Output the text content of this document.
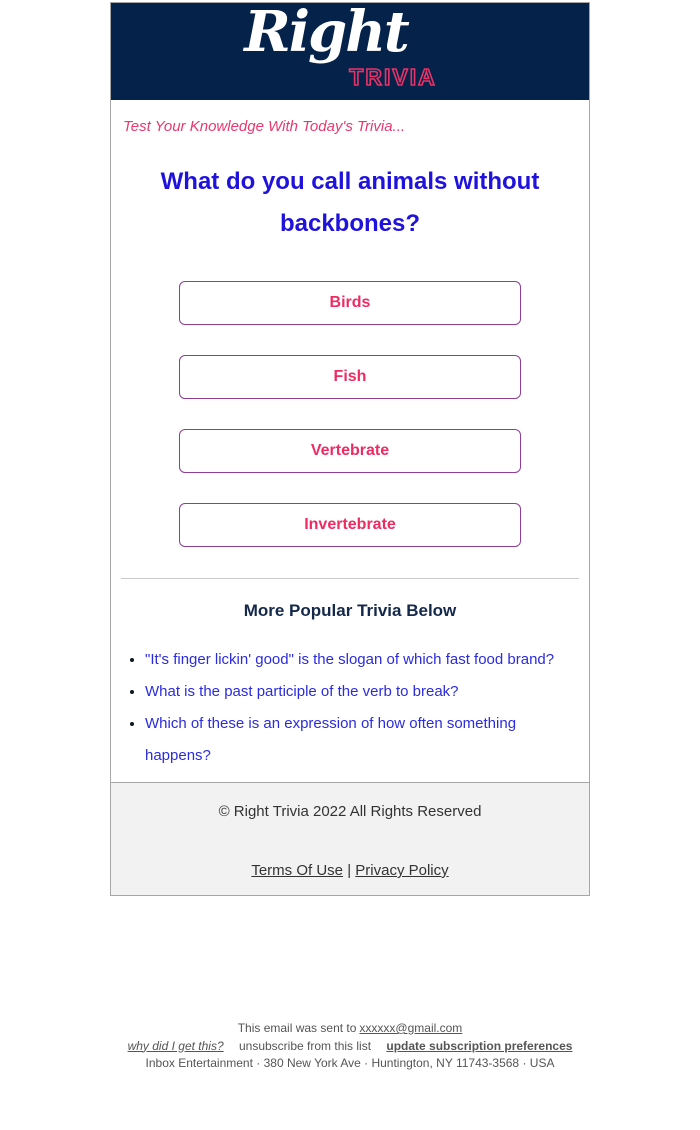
Right
TRIVIA
Test Your Knowledge With Today's Trivia...
What do you call animals without backbones?
Birds
Fish
Vertebrate
Invertebrate
More Popular Trivia Below
• "It's finger lickin' good" is the slogan of which fast food brand?
• What is the past participle of the verb to break?
• Which of these is an expression of how often something happens?
© Right Trivia 2022 All Rights Reserved
Terms Of Use | Privacy Policy
This email was sent to xxxxxx@gmail.com
why did I get this? unsubscribe from this list update subscription preferences
Inbox Entertainment · 380 New York Ave · Huntington, NY 11743-3568 · USA
